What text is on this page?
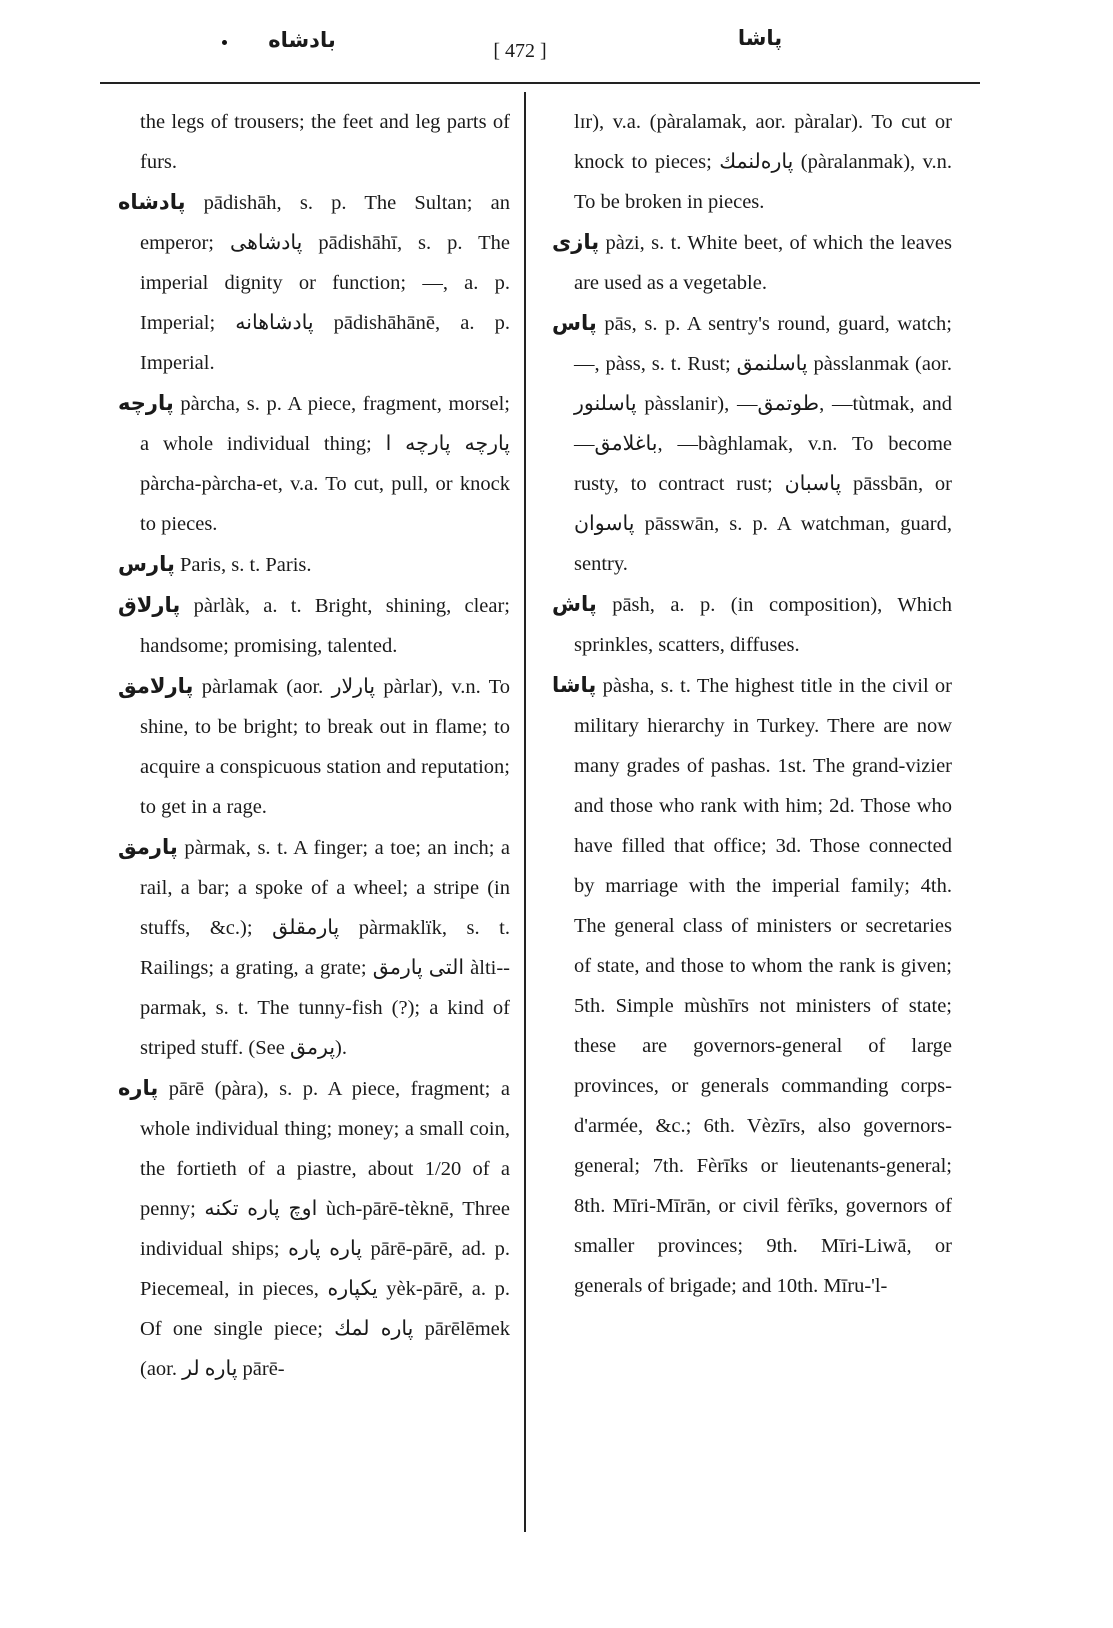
بادشاه	[ 472 ]
پاشا

the legs of trousers; the feet and leg parts of furs.

پادشاه pādishāh, s. p. The Sultan; an emperor; پادشاهی pādishāhī, s. p. The imperial dignity or function; —, a. p. Imperial; پادشاهانه pādishāhānē, a. p. Imperial.

پارچه pàrcha, s. p. A piece, fragment, morsel; a whole individual thing; پارچه پارچه ا pàrcha-pàrcha-et, v.a. To cut, pull, or knock to pieces.

پارس Paris, s. t. Paris.

پارلاق pàrlàk, a. t. Bright, shining, clear; handsome; promising, talented.

پارلامق pàrlamak (aor. پارلار pàrlar), v.n. To shine, to be bright; to break out in flame; to acquire a conspicuous station and reputation; to get in a rage.

پارمق pàrmak, s. t. A finger; a toe; an inch; a rail, a bar; a spoke of a wheel; a stripe (in stuffs, &c.); پارمقلق pàrmaklïk, s. t. Railings; a grating, a grate; التی پارمق àlti--parmak, s. t. The tunny-fish (?); a kind of striped stuff. (See پرمق).

پاره pārē (pàra), s. p. A piece, fragment; a whole individual thing; money; a small coin, the fortieth of a piastre, about 1/20 of a penny; اوچ پاره تکنه ùch-pārē-tèknē, Three individual ships; پاره پاره pārē-pārē, ad. p. Piecemeal, in pieces, یکپاره yèk-pārē, a. p. Of one single piece; پاره لمك pārēlēmek (aor. پاره لر pārē-

lɪr), v.a. (pàralamak, aor. pàralar). To cut or knock to pieces; پارەلنمك (pàralanmak), v.n. To be broken in pieces.

پازی pàzi, s. t. White beet, of which the leaves are used as a vegetable.

پاس pās, s. p. A sentry's round, guard, watch; —, pàss, s. t. Rust; پاسلنمق pàsslanmak (aor. پاسلنور pàsslanir), —طوتمق, —tùtmak, and —باغلامق, —bàghlamak, v.n. To become rusty, to contract rust; پاسبان pāssbān, or پاسوان pāsswān, s. p. A watchman, guard, sentry.

پاش pāsh, a. p. (in composition), Which sprinkles, scatters, diffuses.

پاشا pàsha, s. t. The highest title in the civil or military hierarchy in Turkey. There are now many grades of pashas. 1st. The grand-vizier and those who rank with him; 2d. Those who have filled that office; 3d. Those connected by marriage with the imperial family; 4th. The general class of ministers or secretaries of state, and those to whom the rank is given; 5th. Simple mùshīrs not ministers of state; these are governors-general of large provinces, or generals commanding corps-d'armée, &c.; 6th. Vèzīrs, also governors-general; 7th. Fèrīks or lieutenants-general; 8th. Mīri-Mīrān, or civil fèrīks, governors of smaller provinces; 9th. Mīri-Liwā, or generals of brigade; and 10th. Mīru-'l-
